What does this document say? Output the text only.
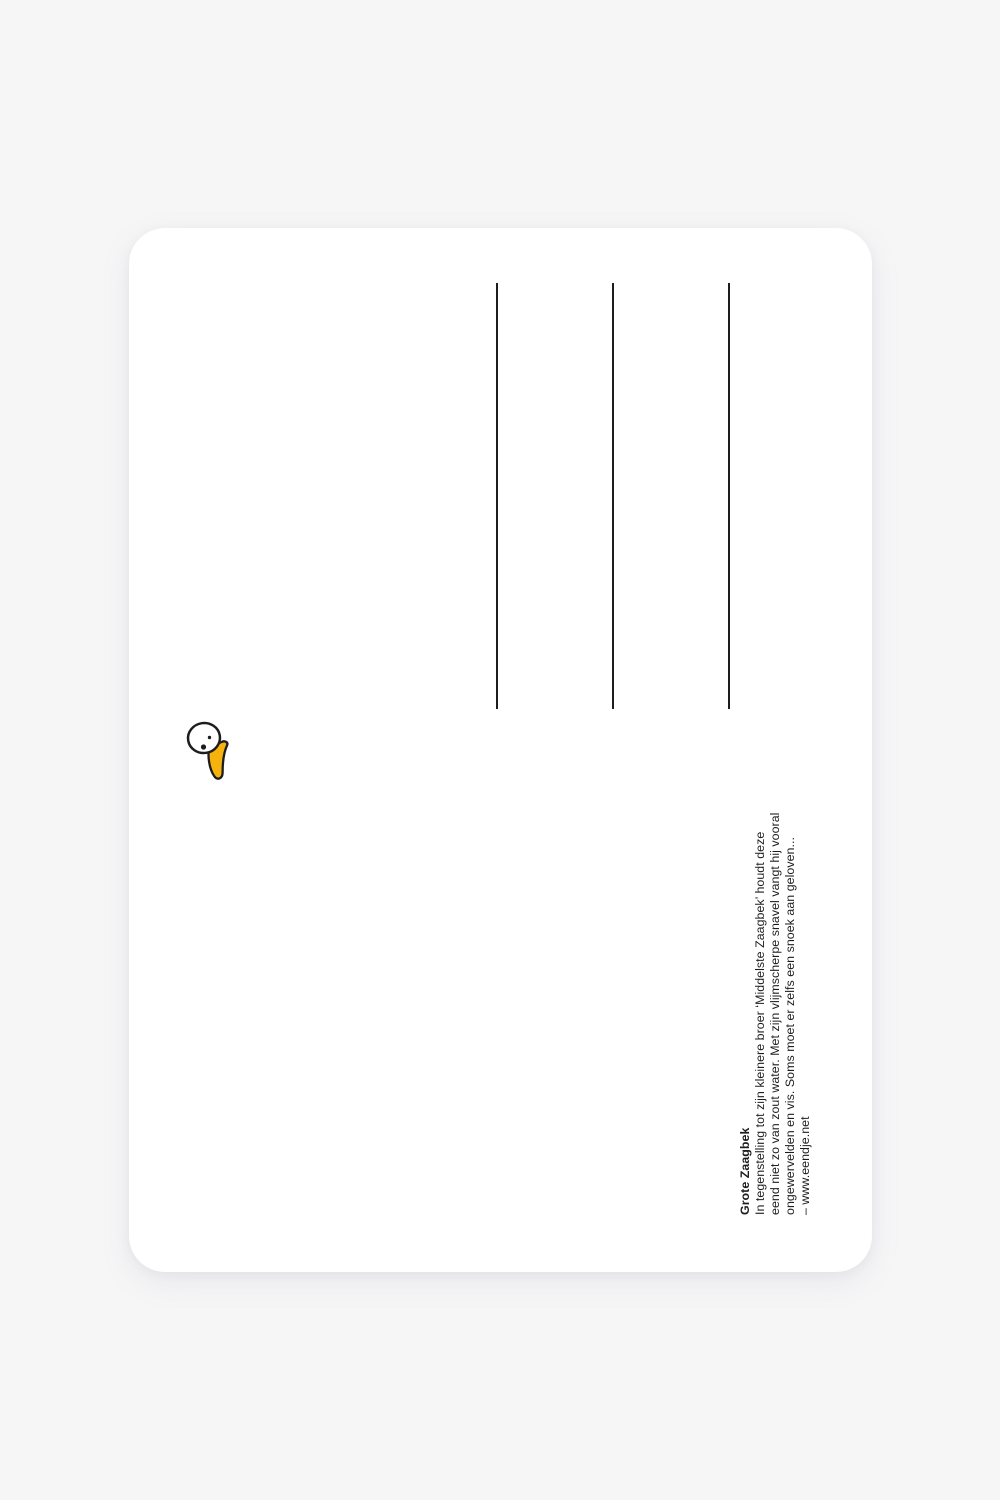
Grote Zaagbek In tegenstelling tot zijn kleinere broer ‘Middelste Zaagbek’ houdt deze eend niet zo van zout water. Met zijn vlijmscherpe snavel vangt hij vooral ongewervelden en vis. Soms moet er zelfs een snoek aan geloven... – www.eendje.net
